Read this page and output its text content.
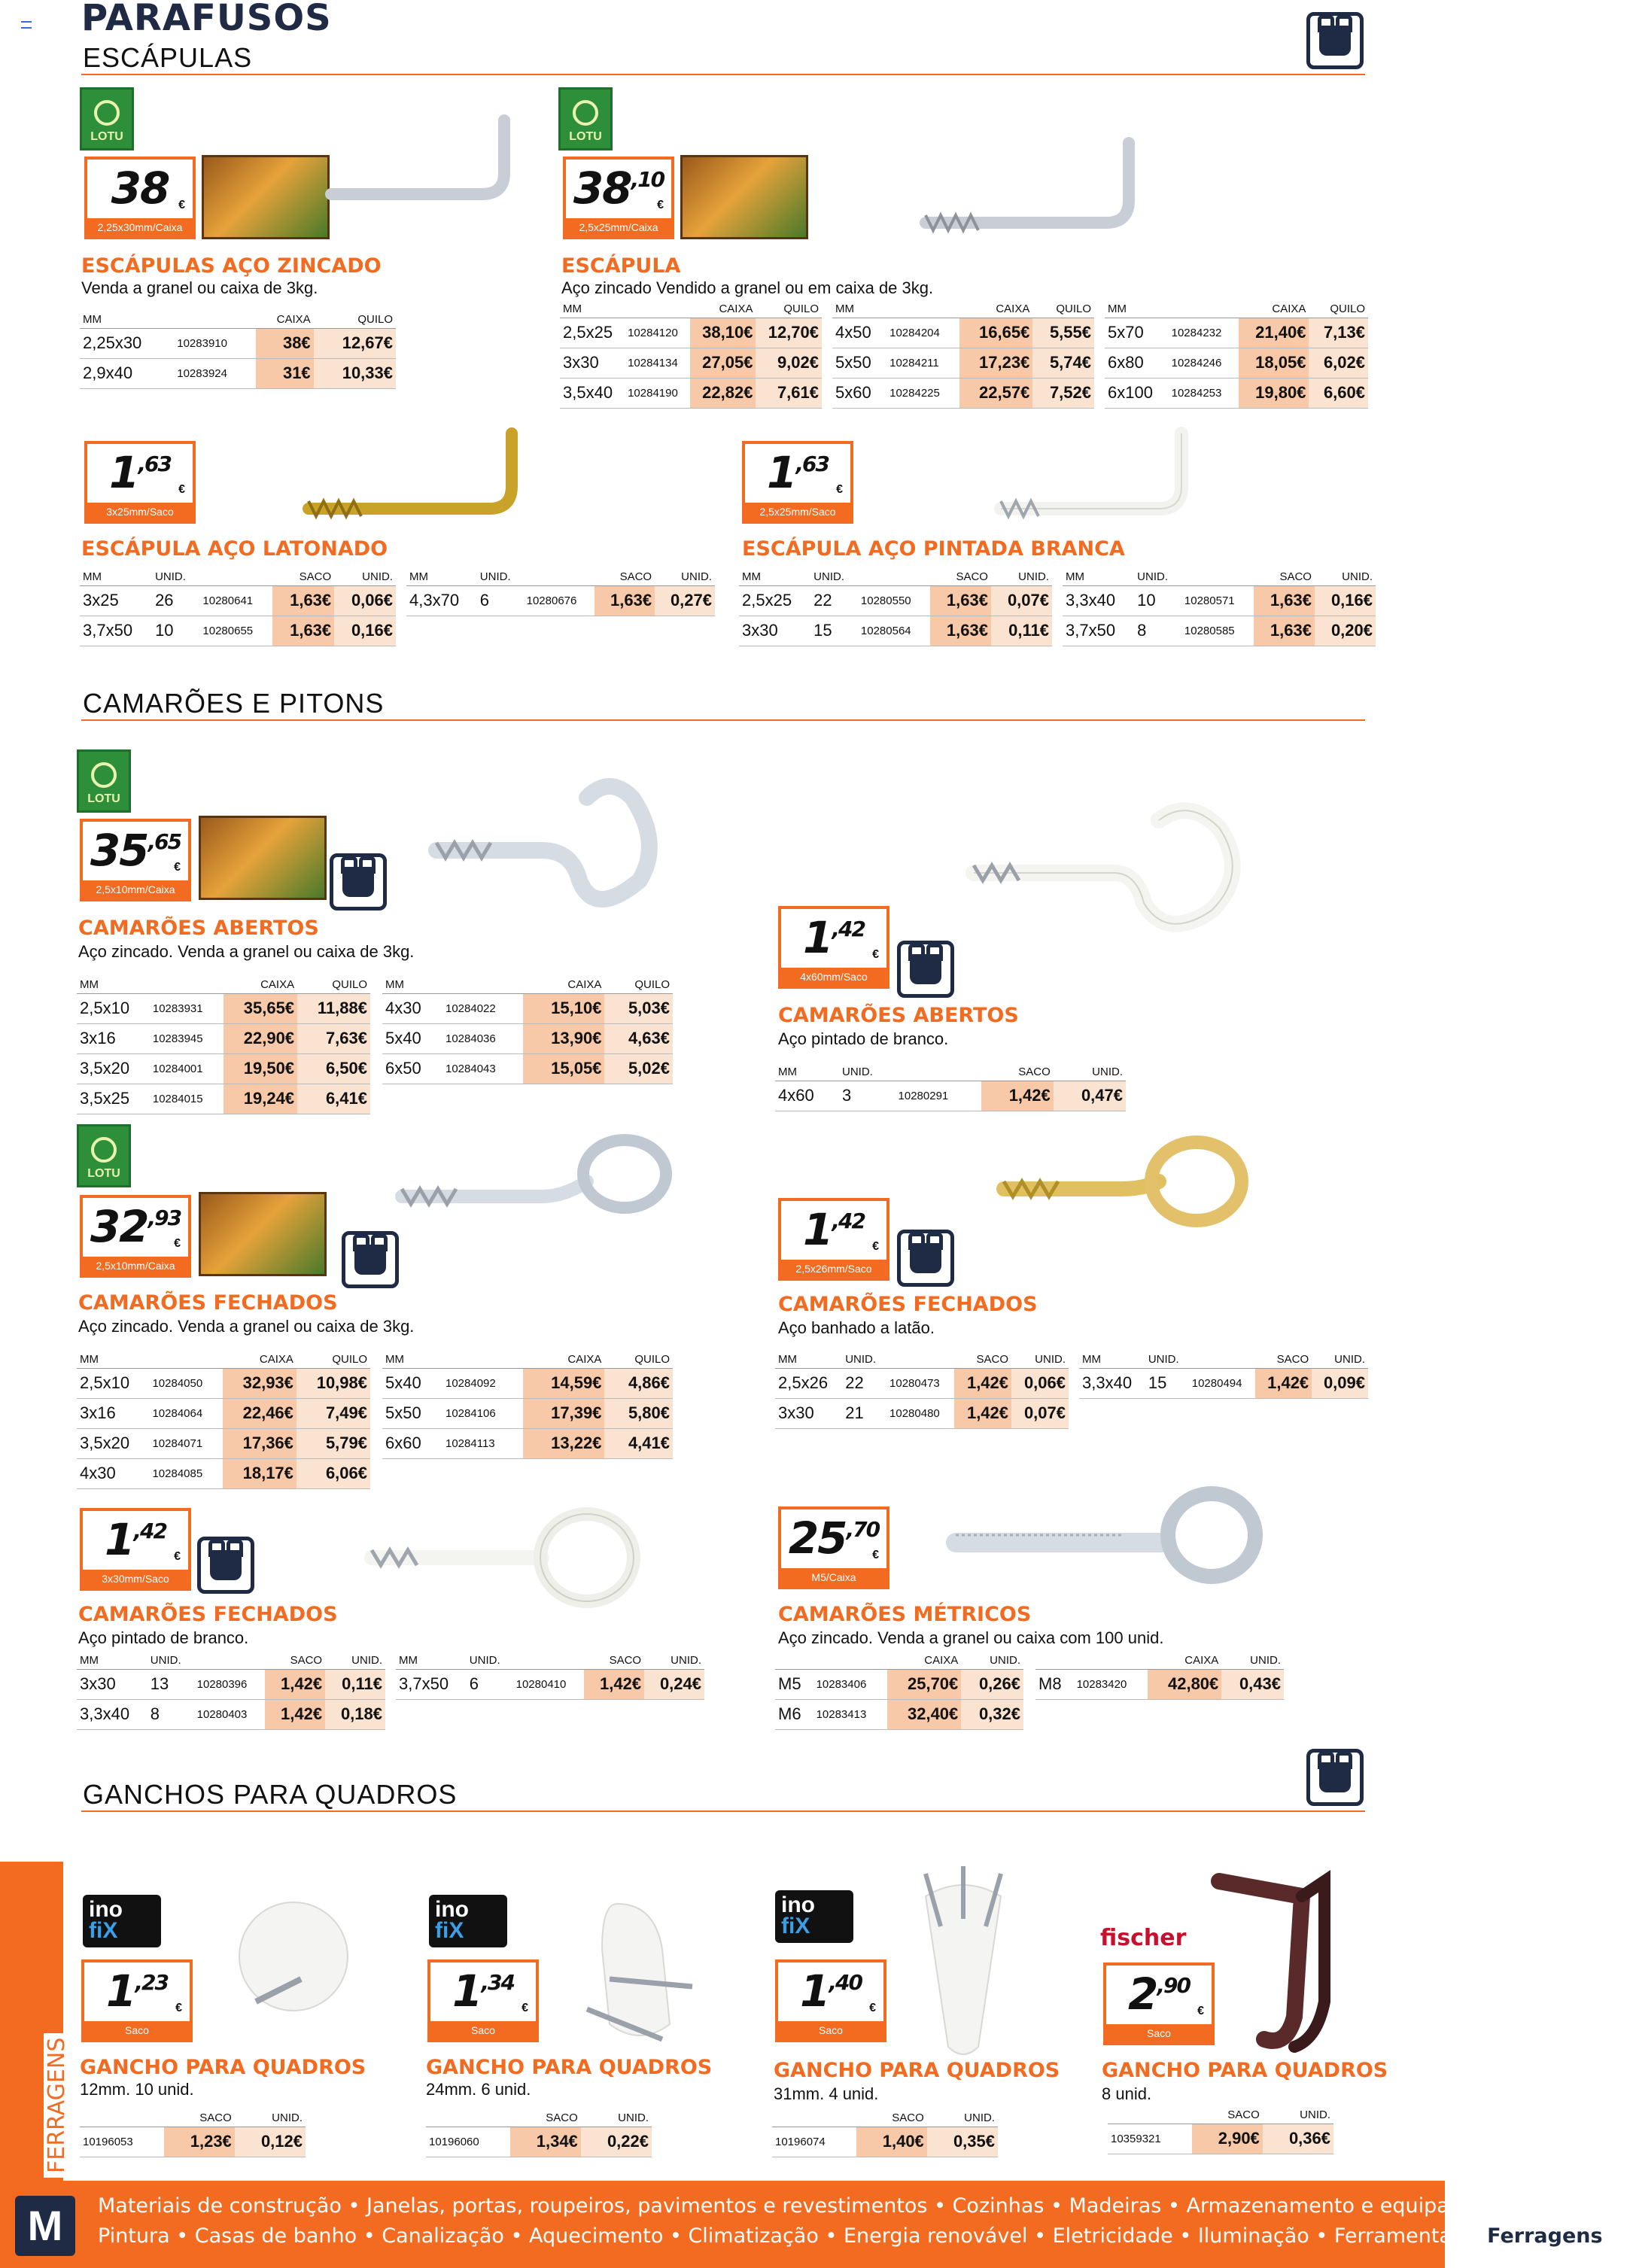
PARAFUSOS
ESCÁPULAS
LOTU
38 €
2,25x30mm/Caixa
ESCÁPULAS AÇO ZINCADO
Venda a granel ou caixa de 3kg.
MM		CAIXA	QUILO
2,25x30	10283910	38€	12,67€
2,9x40	10283924	31€	10,33€
LOTU
$38^{,10}$
€
2,5x25mm/Caixa
ESCÁPULA
Aço zincado Vendido a granel ou em caixa de 3kg.
MM		CAIXA	QUILO
2,5x25	10284120	38,10€	12,70€
3x30	10284134	27,05€	9,02€
3,5x40	10284190	22,82€	7,61€
MM		CAIXA	QUILO
4x50	10284204	16,65€	5,55€
5x50	10284211	17,23€	5,74€
5x60	10284225	22,57€	7,52€
MM		CAIXA	QUILO
5x70	10284232	21,40€	7,13€
6x80	10284246	18,05€	6,02€
6x100	10284253	19,80€	6,60€
$1^{,63}$
€
3x25mm/Saco
ESCÁPULA AÇO LATONADO
MM	UNID.		SACO	UNID.
3x25	26	10280641	1,63€	0,06€
3,7x50	10	10280655	1,63€	0,16€
MM	UNID.		SACO	UNID.
4,3x70	6	10280676	1,63€	0,27€
$1^{,63}$
€
2,5x25mm/Saco
ESCÁPULA AÇO PINTADA BRANCA
MM	UNID.		SACO	UNID.
2,5x25	22	10280550	1,63€	0,07€
3x30	15	10280564	1,63€	0,11€
MM	UNID.		SACO	UNID.
3,3x40	10	10280571	1,63€	0,16€
3,7x50	8	10280585	1,63€	0,20€
CAMARÕES E PITONS
LOTU
$35^{,65}$
€
2,5x10mm/Caixa
CAMARÕES ABERTOS
Aço zincado. Venda a granel ou caixa de 3kg.
MM		CAIXA	QUILO
2,5x10	10283931	35,65€	11,88€
3x16	10283945	22,90€	7,63€
3,5x20	10284001	19,50€	6,50€
3,5x25	10284015	19,24€	6,41€
MM		CAIXA	QUILO
4x30	10284022	15,10€	5,03€
5x40	10284036	13,90€	4,63€
6x50	10284043	15,05€	5,02€
$1^{,42}$
€
4x60mm/Saco
CAMARÕES ABERTOS
Aço pintado de branco.
MM	UNID.		SACO	UNID.
4x60	3	10280291	1,42€	0,47€
LOTU
$32^{,93}$
€
2,5x10mm/Caixa
CAMARÕES FECHADOS
Aço zincado. Venda a granel ou caixa de 3kg.
MM		CAIXA	QUILO
2,5x10	10284050	32,93€	10,98€
3x16	10284064	22,46€	7,49€
3,5x20	10284071	17,36€	5,79€
4x30	10284085	18,17€	6,06€
MM		CAIXA	QUILO
5x40	10284092	14,59€	4,86€
5x50	10284106	17,39€	5,80€
6x60	10284113	13,22€	4,41€
$1^{,42}$
€
2,5x26mm/Saco
CAMARÕES FECHADOS
Aço banhado a latão.
MM	UNID.		SACO	UNID.
2,5x26	22	10280473	1,42€	0,06€
3x30	21	10280480	1,42€	0,07€
MM	UNID.		SACO	UNID.
3,3x40	15	10280494	1,42€	0,09€
$1^{,42}$
€
3x30mm/Saco
CAMARÕES FECHADOS
Aço pintado de branco.
MM	UNID.		SACO	UNID.
3x30	13	10280396	1,42€	0,11€
3,3x40	8	10280403	1,42€	0,18€
MM	UNID.		SACO	UNID.
3,7x50	6	10280410	1,42€	0,24€
$25^{,70}$
€
M5/Caixa
CAMARÕES MÉTRICOS
Aço zincado. Venda a granel ou caixa com 100 unid.
		CAIXA	UNID.
M5	10283406	25,70€	0,26€
M6	10283413	32,40€	0,32€
		CAIXA	UNID.
M8	10283420	42,80€	0,43€
GANCHOS PARA QUADROS
FERRAGENS
ino
fiX
$1^{,23}$
€
Saco
GANCHO PARA QUADROS
12mm. 10 unid.
	SACO	UNID.
10196053	1,23€	0,12€
ino
fiX
$1^{,34}$
€
Saco
GANCHO PARA QUADROS
24mm. 6 unid.
	SACO	UNID.
10196060	1,34€	0,22€
ino
fiX
$1^{,40}$
€
Saco
GANCHO PARA QUADROS
31mm. 4 unid.
	SACO	UNID.
10196074	1,40€	0,35€
fischer
$2^{,90}$
€
Saco
GANCHO PARA QUADROS
8 unid.
	SACO	UNID.
10359321	2,90€	0,36€
M	Materiais de construção • Janelas, portas, roupeiros, pavimentos e revestimentos • Cozinhas • Madeiras • Armazenamento e equipamento • Cerâmica
Pintura • Casas de banho • Canalização • Aquecimento • Climatização • Energia renovável • Eletricidade • Iluminação • Ferramentas • Ferragens
